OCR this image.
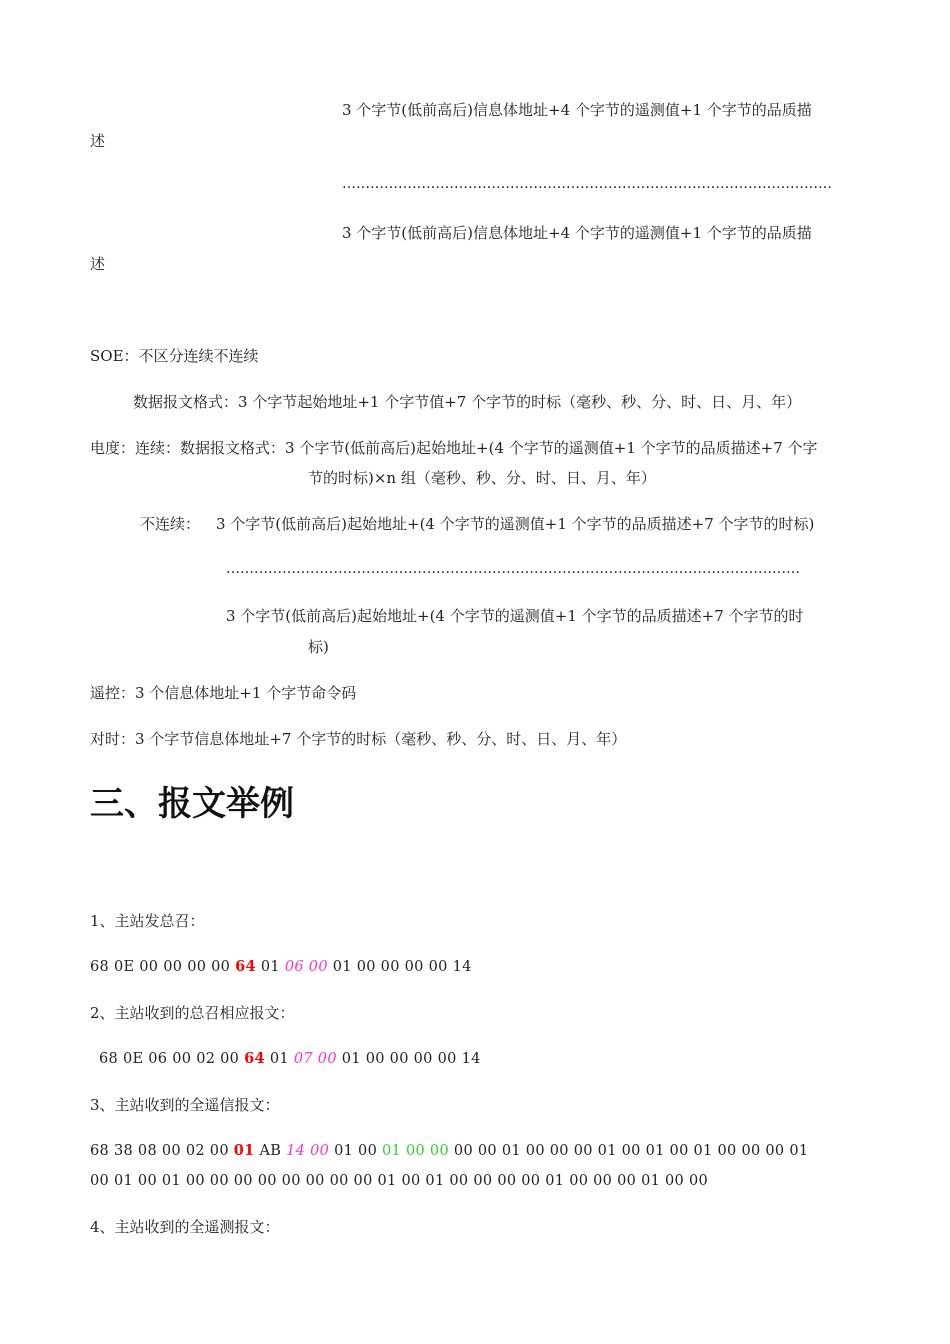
3 个字节(低前高后)信息体地址+4 个字节的遥测值+1 个字节的品质描
述
……………………………………………………………………………………………
3 个字节(低前高后)信息体地址+4 个字节的遥测值+1 个字节的品质描
述
SOE：不区分连续不连续
数据报文格式：3 个字节起始地址+1 个字节值+7 个字节的时标（毫秒、秒、分、时、日、月、年）
电度：连续：数据报文格式：3 个字节(低前高后)起始地址+(4 个字节的遥测值+1 个字节的品质描述+7 个字
节的时标)×n 组（毫秒、秒、分、时、日、月、年）
不连续： 3 个字节(低前高后)起始地址+(4 个字节的遥测值+1 个字节的品质描述+7 个字节的时标)
……………………………………………………………………………………………………………
3 个字节(低前高后)起始地址+(4 个字节的遥测值+1 个字节的品质描述+7 个字节的时
标)
遥控：3 个信息体地址+1 个字节命令码
对时：3 个字节信息体地址+7 个字节的时标（毫秒、秒、分、时、日、月、年）
三、报文举例
1、主站发总召：
68 0E 00 00 00 00 64 01 06 00 01 00 00 00 00 14
2、主站收到的总召相应报文：
68 0E 06 00 02 00 64 01 07 00 01 00 00 00 00 14
3、主站收到的全遥信报文：
68 38 08 00 02 00 01 AB 14 00 01 00 01 00 00 00 00 01 00 00 00 01 00 01 00 01 00 00 00 01
00 01 00 01 00 00 00 00 00 00 00 00 01 00 01 00 00 00 00 01 00 00 00 01 00 00
4、主站收到的全遥测报文：
